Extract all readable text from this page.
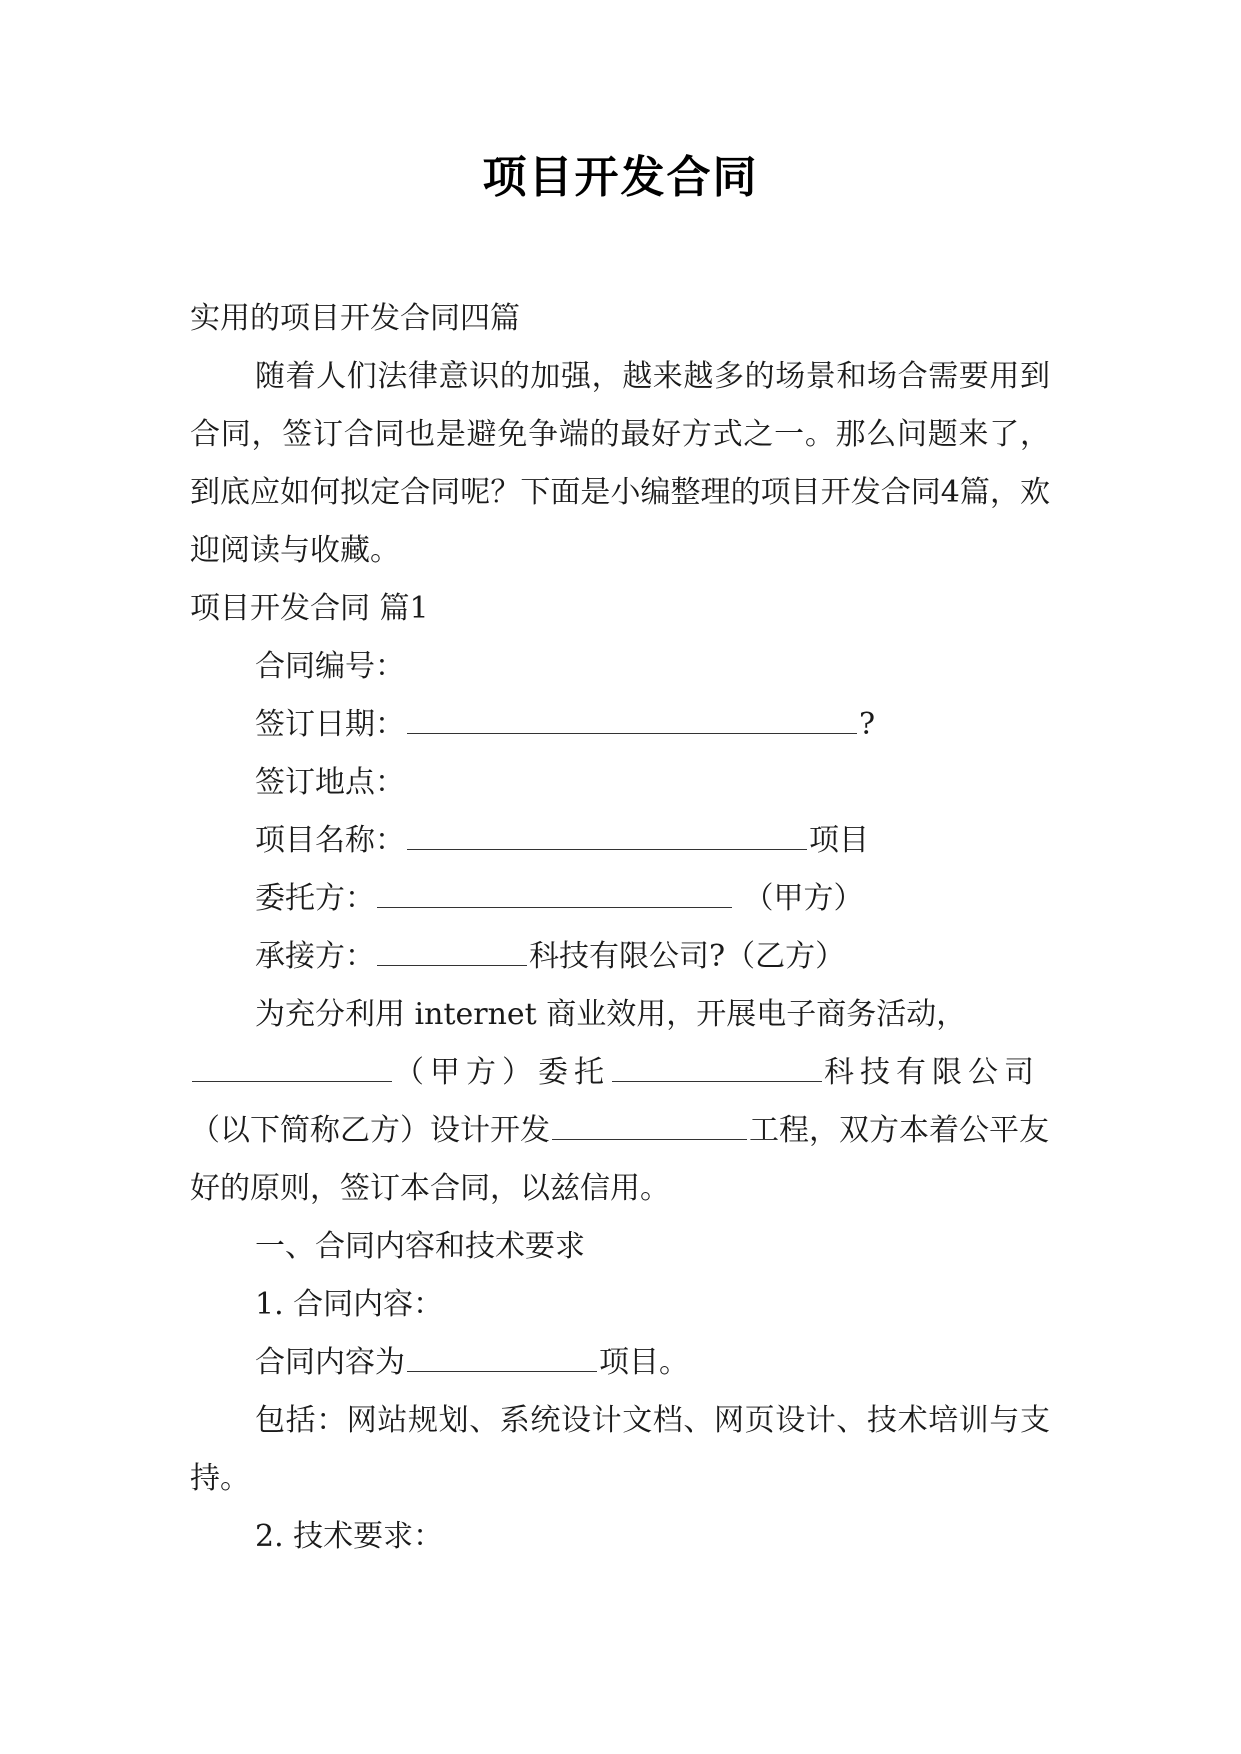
项目开发合同

实用的项目开发合同四篇

随着人们法律意识的加强，越来越多的场景和场合需要用到合同，签订合同也是避免争端的最好方式之一。那么问题来了，到底应如何拟定合同呢？下面是小编整理的项目开发合同4篇，欢迎阅读与收藏。

项目开发合同 篇1

合同编号：

签订日期：	?

签订地点：

项目名称：	项目

委托方：	（甲方）

承接方：	科技有限公司?（乙方）

为充分利用 internet 商业效用，开展电子商务活动，

（甲方）委托	科技有限公司

（以下简称乙方）设计开发	工程，双方本着公平友好的原则，签订本合同，以兹信用。

一、合同内容和技术要求

1. 合同内容：

合同内容为	项目。

包括：网站规划、系统设计文档、网页设计、技术培训与支持。

2. 技术要求：
